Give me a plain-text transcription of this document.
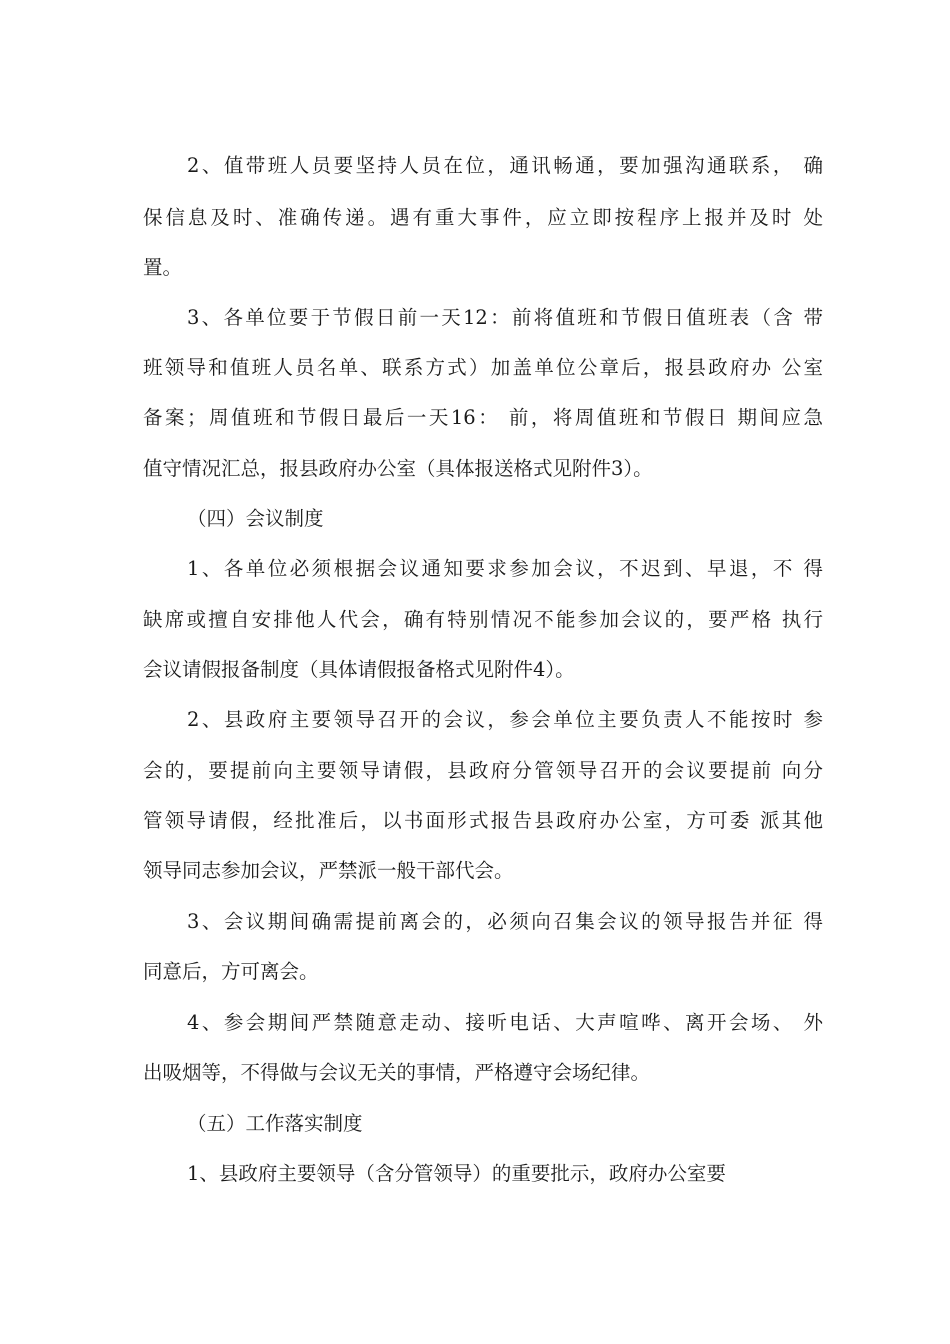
2、值带班人员要坚持人员在位，通讯畅通，要加强沟通联系， 确
保信息及时、准确传递。遇有重大事件，应立即按程序上报并及时 处
置。
3、各单位要于节假日前一天12：前将值班和节假日值班表（含 带
班领导和值班人员名单、联系方式）加盖单位公章后，报县政府办 公室
备案；周值班和节假日最后一天16： 前，将周值班和节假日 期间应急
值守情况汇总，报县政府办公室（具体报送格式见附件3）。
（四）会议制度
1、各单位必须根据会议通知要求参加会议，不迟到、早退，不 得
缺席或擅自安排他人代会，确有特别情况不能参加会议的，要严格 执行
会议请假报备制度（具体请假报备格式见附件4）。
2、县政府主要领导召开的会议，参会单位主要负责人不能按时 参
会的，要提前向主要领导请假，县政府分管领导召开的会议要提前 向分
管领导请假，经批准后，以书面形式报告县政府办公室，方可委 派其他
领导同志参加会议，严禁派一般干部代会。
3、会议期间确需提前离会的，必须向召集会议的领导报告并征 得
同意后，方可离会。
4、参会期间严禁随意走动、接听电话、大声喧哗、离开会场、 外
出吸烟等，不得做与会议无关的事情，严格遵守会场纪律。
（五）工作落实制度
1、县政府主要领导（含分管领导）的重要批示，政府办公室要
